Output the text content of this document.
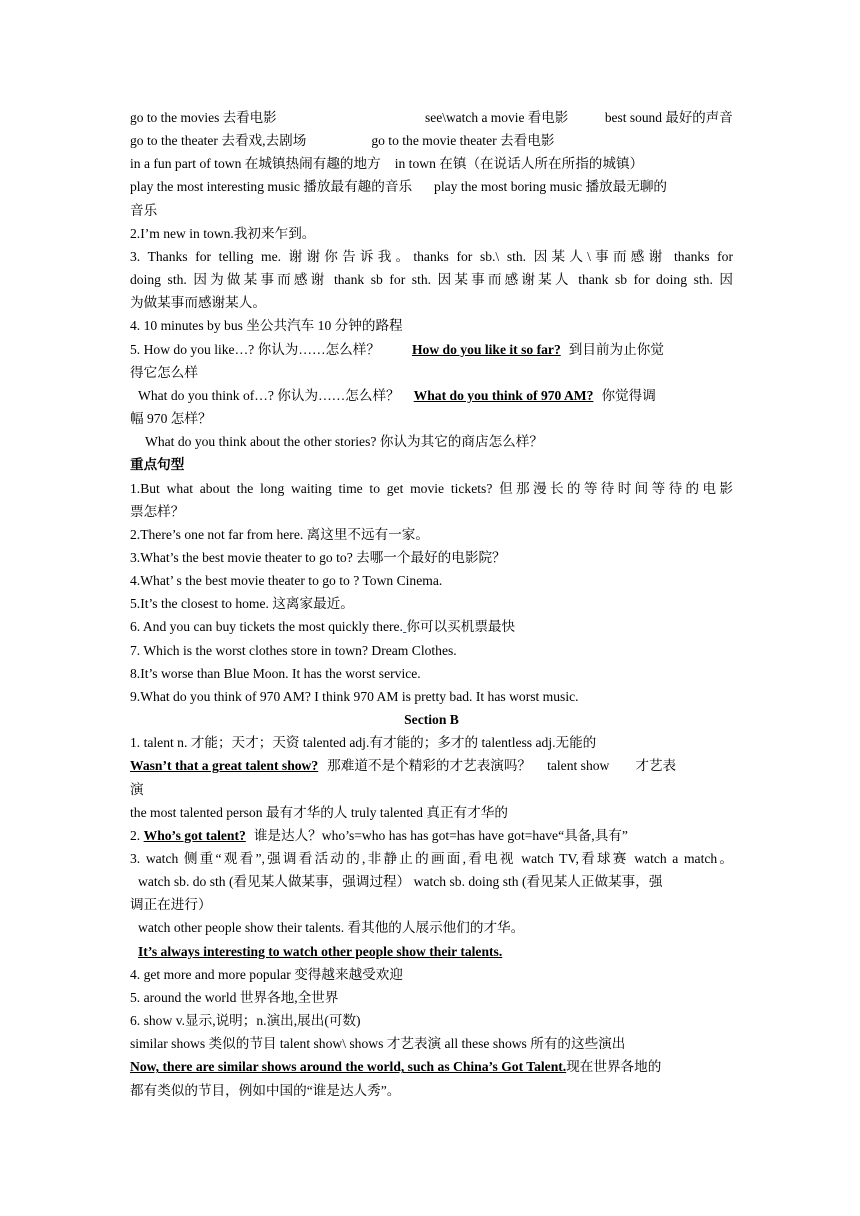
go to the movies 去看电影	see\watch a movie 看电影	best sound 最好的声音
go to the theater 去看戏,去剧场	go to the movie theater 去看电影
in a fun part of town 在城镇热闹有趣的地方 in town 在镇（在说话人所在所指的城镇）
play the most interesting music 播放最有趣的音乐 play the most boring music 播放最无聊的
音乐
2.I’m new in town.我初来乍到。
3. Thanks for telling me. 谢谢你告诉我。thanks for sb.\ sth. 因某人\事而感谢 thanks for
doing sth. 因为做某事而感谢 thank sb for sth. 因某事而感谢某人 thank sb for doing sth. 因
为做某事而感谢某人。
4. 10 minutes by bus 坐公共汽车 10 分钟的路程
5. How do you like…? 你认为……怎么样？ How do you like it so far? 到目前为止你觉
得它怎么样
What do you think of…? 你认为……怎么样？ What do you think of 970 AM? 你觉得调
幅 970 怎样？
What do you think about the other stories? 你认为其它的商店怎么样？
重点句型
1.But what about the long waiting time to get movie tickets? 但那漫长的等待时间等待的电影
票怎样？
2.There’s one not far from here. 离这里不远有一家。
3.What’s the best movie theater to go to? 去哪一个最好的电影院？
4.What’ s the best movie theater to go to ? Town Cinema.
5.It’s the closest to home. 这离家最近。
6. And you can buy tickets the most quickly there. 你可以买机票最快
7. Which is the worst clothes store in town? Dream Clothes.
8.It’s worse than Blue Moon. It has the worst service.
9.What do you think of 970 AM? I think 970 AM is pretty bad. It has worst music.
Section B
1. talent n. 才能；天才；天资 talented adj.有才能的；多才的 talentless adj.无能的
Wasn’t that a great talent show? 那难道不是个精彩的才艺表演吗？ talent show 才艺表
演
the most talented person 最有才华的人 truly talented 真正有才华的
2. Who’s got talent? 谁是达人？who’s=who has has got=has have got=have“具备,具有”
3. watch 侧重“观看”,强调看活动的,非静止的画面,看电视 watch TV,看球赛 watch a match。
watch sb. do sth (看见某人做某事，强调过程） watch sb. doing sth (看见某人正做某事，强
调正在进行）
watch other people show their talents. 看其他的人展示他们的才华。
It’s always interesting to watch other people show their talents.
4. get more and more popular 变得越来越受欢迎
5. around the world 世界各地,全世界
6. show v.显示,说明；n.演出,展出(可数)
similar shows 类似的节目 talent show\ shows 才艺表演 all these shows 所有的这些演出
Now, there are similar shows around the world, such as China’s Got Talent.现在世界各地的
都有类似的节目，例如中国的“谁是达人秀”。
